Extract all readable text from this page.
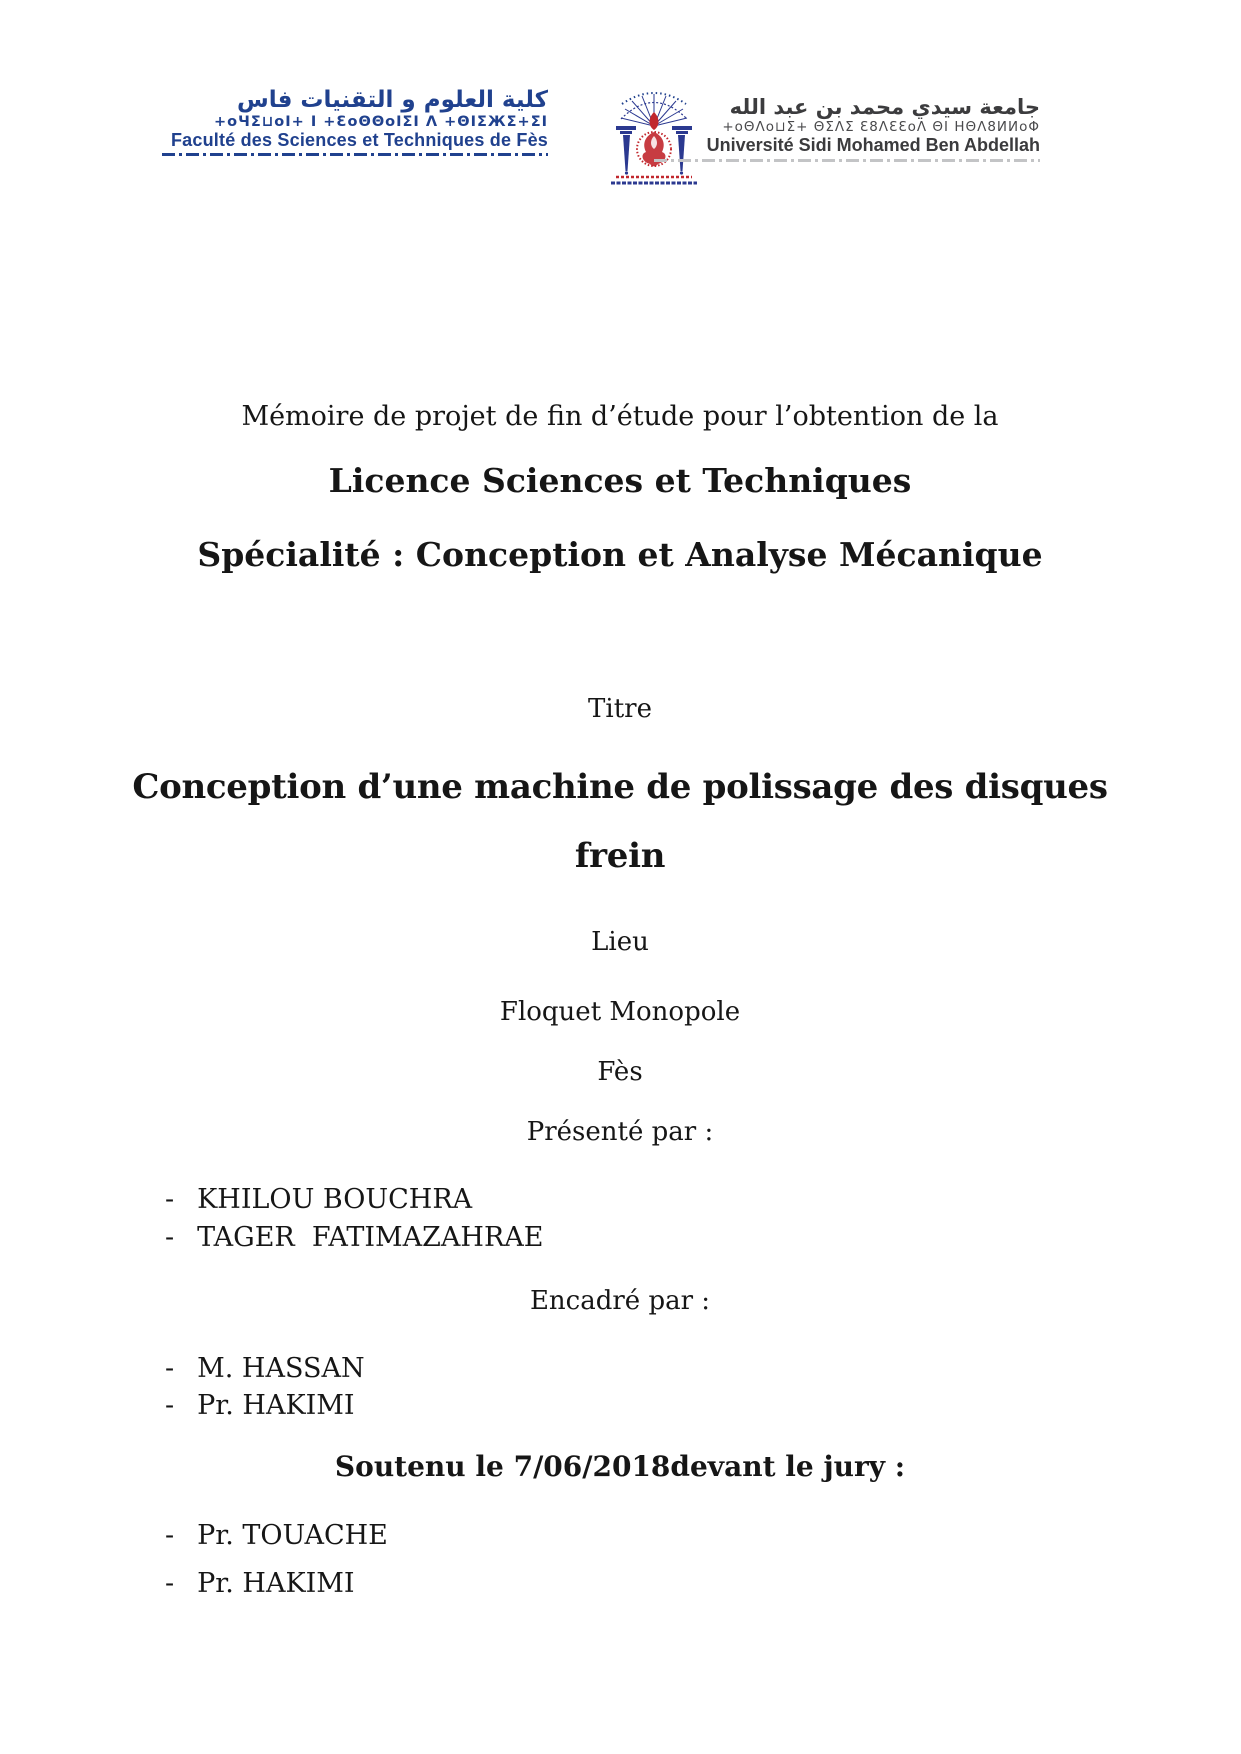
كلية العلوم و التقنيات فاس
+oЧΣ⊔oI+ I +ƐoΘΘoIΣI Λ +ΘIΣЖΣ+ΣI
Faculté des Sciences et Techniques de Fès
جامعة سيدي محمد بن عبد الله
+oΘΛo⊔Σ+ ΘΣΛΣ Ɛ8ΛƐƐoΛ ΘI HΘΛ8ИИoΦ
Université Sidi Mohamed Ben Abdellah
Mémoire de projet de fin d’étude pour l’obtention de la
Licence Sciences et Techniques
Spécialité : Conception et Analyse Mécanique
Titre
Conception d’une machine de polissage des disques
frein
Lieu
Floquet Monopole
Fès
Présenté par :
- KHILOU BOUCHRA
- TAGER  FATIMAZAHRAE
Encadré par :
- M. HASSAN
- Pr. HAKIMI
Soutenu le 7/06/2018devant le jury :
- Pr. TOUACHE
- Pr. HAKIMI
